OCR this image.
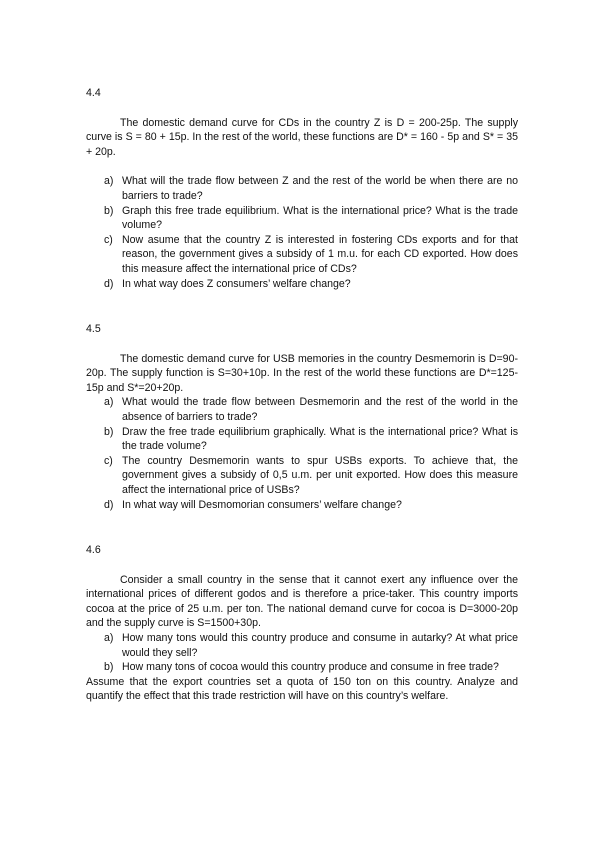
4.4

The domestic demand curve for CDs in the country Z is D = 200-25p. The supply curve is S = 80 + 15p. In the rest of the world, these functions are D* = 160 - 5p and S* = 35 + 20p.

a) What will the trade flow between Z and the rest of the world be when there are no barriers to trade?
b) Graph this free trade equilibrium. What is the international price? What is the trade volume?
c) Now asume that the country Z is interested in fostering CDs exports and for that reason, the government gives a subsidy of 1 m.u. for each CD exported. How does this measure affect the international price of CDs?
d) In what way does Z consumers’ welfare change?

4.5

The domestic demand curve for USB memories in the country Desmemorin is D=90-20p. The supply function is S=30+10p. In the rest of the world these functions are D*=125-15p and S*=20+20p.

a) What would the trade flow between Desmemorin and the rest of the world in the absence of barriers to trade?
b) Draw the free trade equilibrium graphically. What is the international price? What is the trade volume?
c) The country Desmemorin wants to spur USBs exports. To achieve that, the government gives a subsidy of 0,5 u.m. per unit exported. How does this measure affect the international price of USBs?
d) In what way will Desmomorian consumers’ welfare change?

4.6

Consider a small country in the sense that it cannot exert any influence over the international prices of different godos and is therefore a price-taker. This country imports cocoa at the price of 25 u.m. per ton. The national demand curve for cocoa is D=3000-20p and the supply curve is S=1500+30p.

a) How many tons would this country produce and consume in autarky? At what price would they sell?
b) How many tons of cocoa would this country produce and consume in free trade?

Assume that the export countries set a quota of 150 ton on this country. Analyze and quantify the effect that this trade restriction will have on this country’s welfare.
